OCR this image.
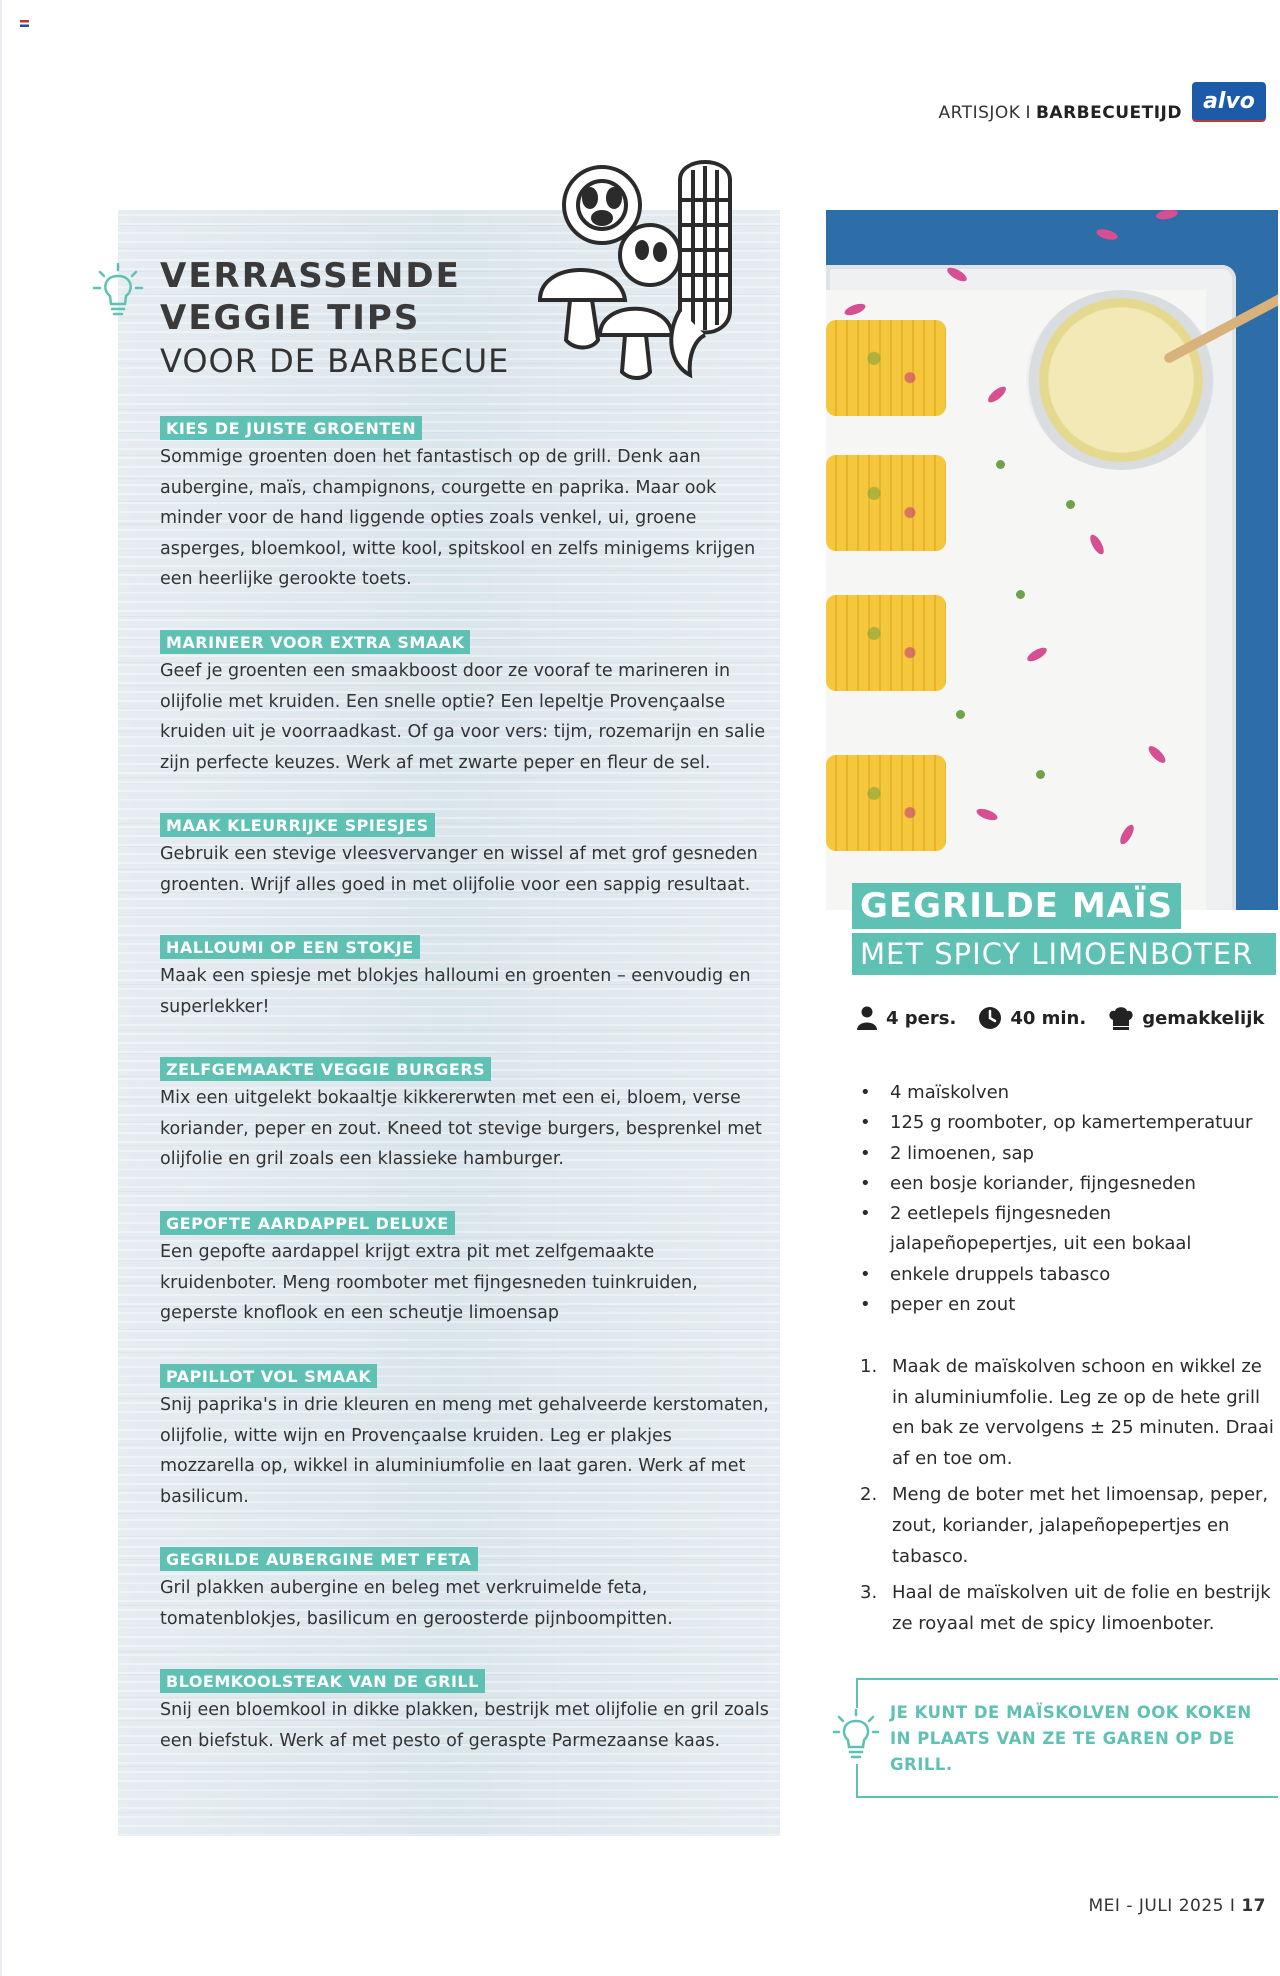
ARTISJOK I BARBECUETIJD alvo
VERRASSENDE
VEGGIE TIPS
VOOR DE BARBECUE
KIES DE JUISTE GROENTEN
Sommige groenten doen het fantastisch op de grill. Denk aan aubergine, maïs, champignons, courgette en paprika. Maar ook minder voor de hand liggende opties zoals venkel, ui, groene asperges, bloemkool, witte kool, spitskool en zelfs minigems krijgen een heerlijke gerookte toets.
MARINEER VOOR EXTRA SMAAK
Geef je groenten een smaakboost door ze vooraf te marineren in olijfolie met kruiden. Een snelle optie? Een lepeltje Provençaalse kruiden uit je voorraadkast. Of ga voor vers: tijm, rozemarijn en salie zijn perfecte keuzes. Werk af met zwarte peper en fleur de sel.
MAAK KLEURRIJKE SPIESJES
Gebruik een stevige vleesvervanger en wissel af met grof gesneden groenten. Wrijf alles goed in met olijfolie voor een sappig resultaat.
HALLOUMI OP EEN STOKJE
Maak een spiesje met blokjes halloumi en groenten – eenvoudig en superlekker!
ZELFGEMAAKTE VEGGIE BURGERS
Mix een uitgelekt bokaaltje kikkererwten met een ei, bloem, verse koriander, peper en zout. Kneed tot stevige burgers, besprenkel met olijfolie en gril zoals een klassieke hamburger.
GEPOFTE AARDAPPEL DELUXE
Een gepofte aardappel krijgt extra pit met zelfgemaakte kruidenboter. Meng roomboter met fijngesneden tuinkruiden, geperste knoflook en een scheutje limoensap
PAPILLOT VOL SMAAK
Snij paprika's in drie kleuren en meng met gehalveerde kerstomaten, olijfolie, witte wijn en Provençaalse kruiden. Leg er plakjes mozzarella op, wikkel in aluminiumfolie en laat garen. Werk af met basilicum.
GEGRILDE AUBERGINE MET FETA
Gril plakken aubergine en beleg met verkruimelde feta, tomatenblokjes, basilicum en geroosterde pijnboompitten.
BLOEMKOOLSTEAK VAN DE GRILL
Snij een bloemkool in dikke plakken, bestrijk met olijfolie en gril zoals een biefstuk. Werk af met pesto of geraspte Parmezaanse kaas.
GEGRILDE MAÏS
MET SPICY LIMOENBOTER
4 pers.	40 min.	gemakkelijk
• 4 maïskolven
• 125 g roomboter, op kamertemperatuur
• 2 limoenen, sap
• een bosje koriander, fijngesneden
• 2 eetlepels fijngesneden jalapeñopepertjes, uit een bokaal
• enkele druppels tabasco
• peper en zout
1. Maak de maïskolven schoon en wikkel ze in aluminiumfolie. Leg ze op de hete grill en bak ze vervolgens ± 25 minuten. Draai af en toe om.
2. Meng de boter met het limoensap, peper, zout, koriander, jalapeñopepertjes en tabasco.
3. Haal de maïskolven uit de folie en bestrijk ze royaal met de spicy limoenboter.
JE KUNT DE MAÏSKOLVEN OOK KOKEN IN PLAATS VAN ZE TE GAREN OP DE GRILL.
MEI - JULI 2025 I 17
